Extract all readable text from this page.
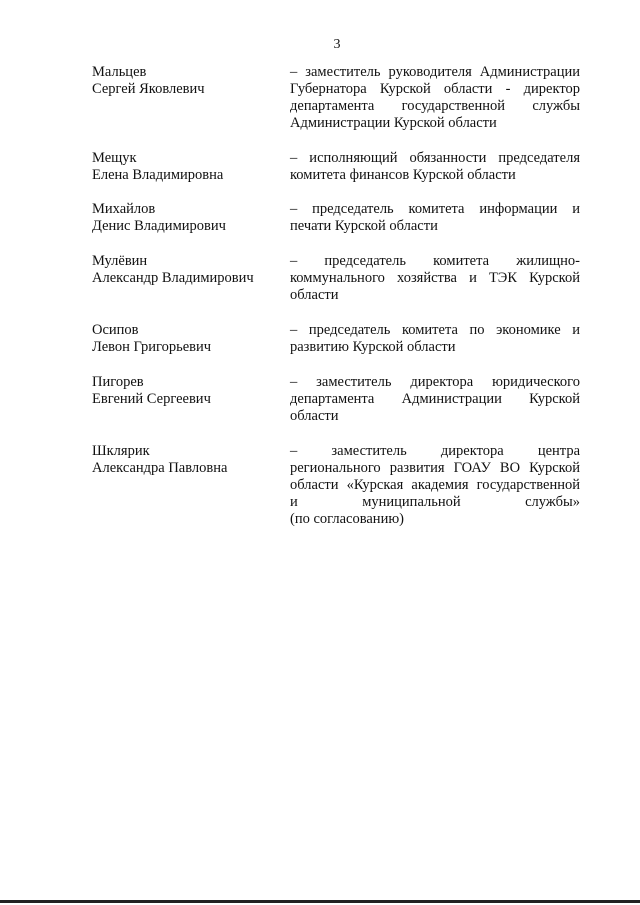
3
Мальцев
Сергей Яковлевич
– заместитель руководителя Администрации
Губернатора Курской области - директор
департамента государственной службы
Администрации Курской области
Мещук
Елена Владимировна
– исполняющий обязанности председателя
комитета финансов Курской области
Михайлов
Денис Владимирович
– председатель комитета информации и
печати Курской области
Мулёвин
Александр Владимирович
– председатель комитета жилищно-
коммунального хозяйства и ТЭК Курской
области
Осипов
Левон Григорьевич
– председатель комитета по экономике и
развитию Курской области
Пигорев
Евгений Сергеевич
– заместитель директора юридического
департамента Администрации Курской
области
Шклярик
Александра Павловна
– заместитель директора центра
регионального развития ГОАУ ВО Курской
области «Курская академия государственной
и муниципальной службы»
(по согласованию)
